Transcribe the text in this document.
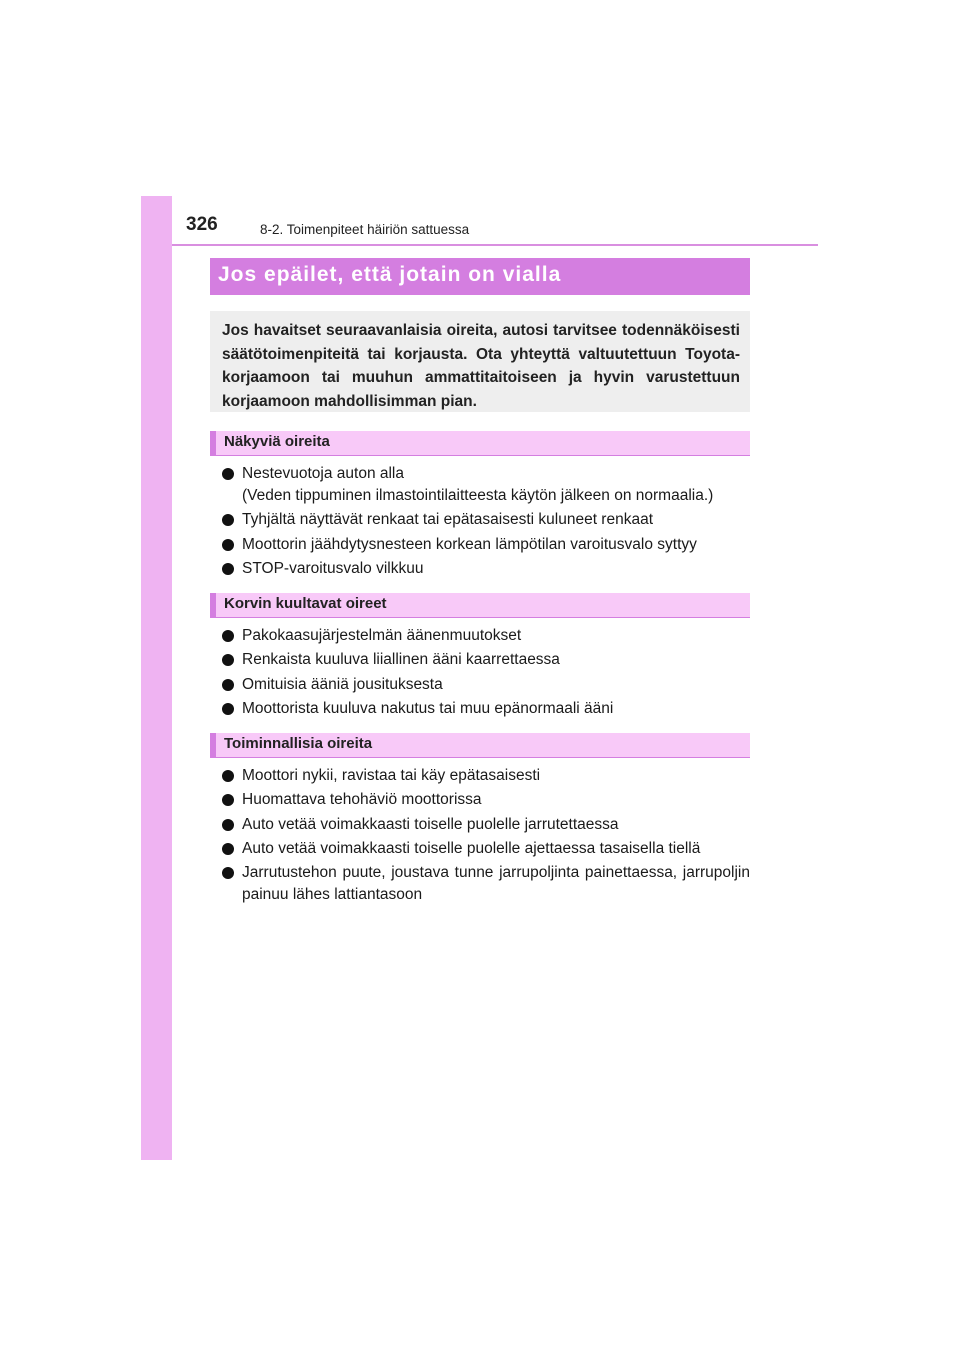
326	8-2. Toimenpiteet häiriön sattuessa
Jos epäilet, että jotain on vialla

Jos havaitset seuraavanlaisia oireita, autosi tarvitsee todennäköisesti säätötoimenpiteitä tai korjausta. Ota yhteyttä valtuutettuun Toyota-korjaamoon tai muuhun ammattitaitoiseen ja hyvin varustettuun korjaamoon mahdollisimman pian.

Näkyviä oireita
Nestevuotoja auton alla
(Veden tippuminen ilmastointilaitteesta käytön jälkeen on normaalia.)
Tyhjältä näyttävät renkaat tai epätasaisesti kuluneet renkaat
Moottorin jäähdytysnesteen korkean lämpötilan varoitusvalo syttyy
STOP-varoitusvalo vilkkuu
Korvin kuultavat oireet
Pakokaasujärjestelmän äänenmuutokset
Renkaista kuuluva liiallinen ääni kaarrettaessa
Omituisia ääniä jousituksesta
Moottorista kuuluva nakutus tai muu epänormaali ääni
Toiminnallisia oireita
Moottori nykii, ravistaa tai käy epätasaisesti
Huomattava tehohäviö moottorissa
Auto vetää voimakkaasti toiselle puolelle jarrutettaessa
Auto vetää voimakkaasti toiselle puolelle ajettaessa tasaisella tiellä
Jarrutustehon puute, joustava tunne jarrupoljinta painettaessa, jarrupoljin painuu lähes lattiantasoon
